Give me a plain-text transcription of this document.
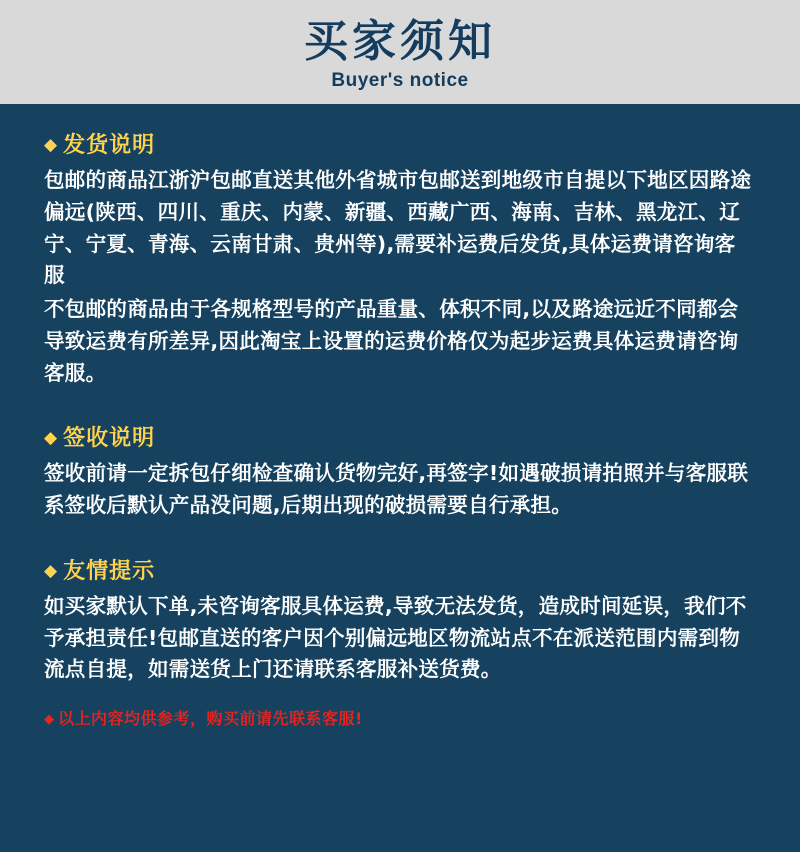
买家须知
Buyer's notice
◆ 发货说明

包邮的商品江浙沪包邮直送其他外省城市包邮送到地级市自提以下地区因路途偏远(陕西、四川、重庆、内蒙、新疆、西藏广西、海南、吉林、黑龙江、辽宁、宁夏、青海、云南甘肃、贵州等),需要补运费后发货,具体运费请咨询客服

不包邮的商品由于各规格型号的产品重量、体积不同,以及路途远近不同都会导致运费有所差异,因此淘宝上设置的运费价格仅为起步运费具体运费请咨询客服。

◆ 签收说明

签收前请一定拆包仔细检查确认货物完好,再签字!如遇破损请拍照并与客服联系签收后默认产品没问题,后期出现的破损需要自行承担。

◆ 友情提示

如买家默认下单,未咨询客服具体运费,导致无法发货，造成时间延误，我们不予承担责任!包邮直送的客户因个别偏远地区物流站点不在派送范围内需到物流点自提，如需送货上门还请联系客服补送货费。

◆ 以上内容均供参考，购买前请先联系客服!
